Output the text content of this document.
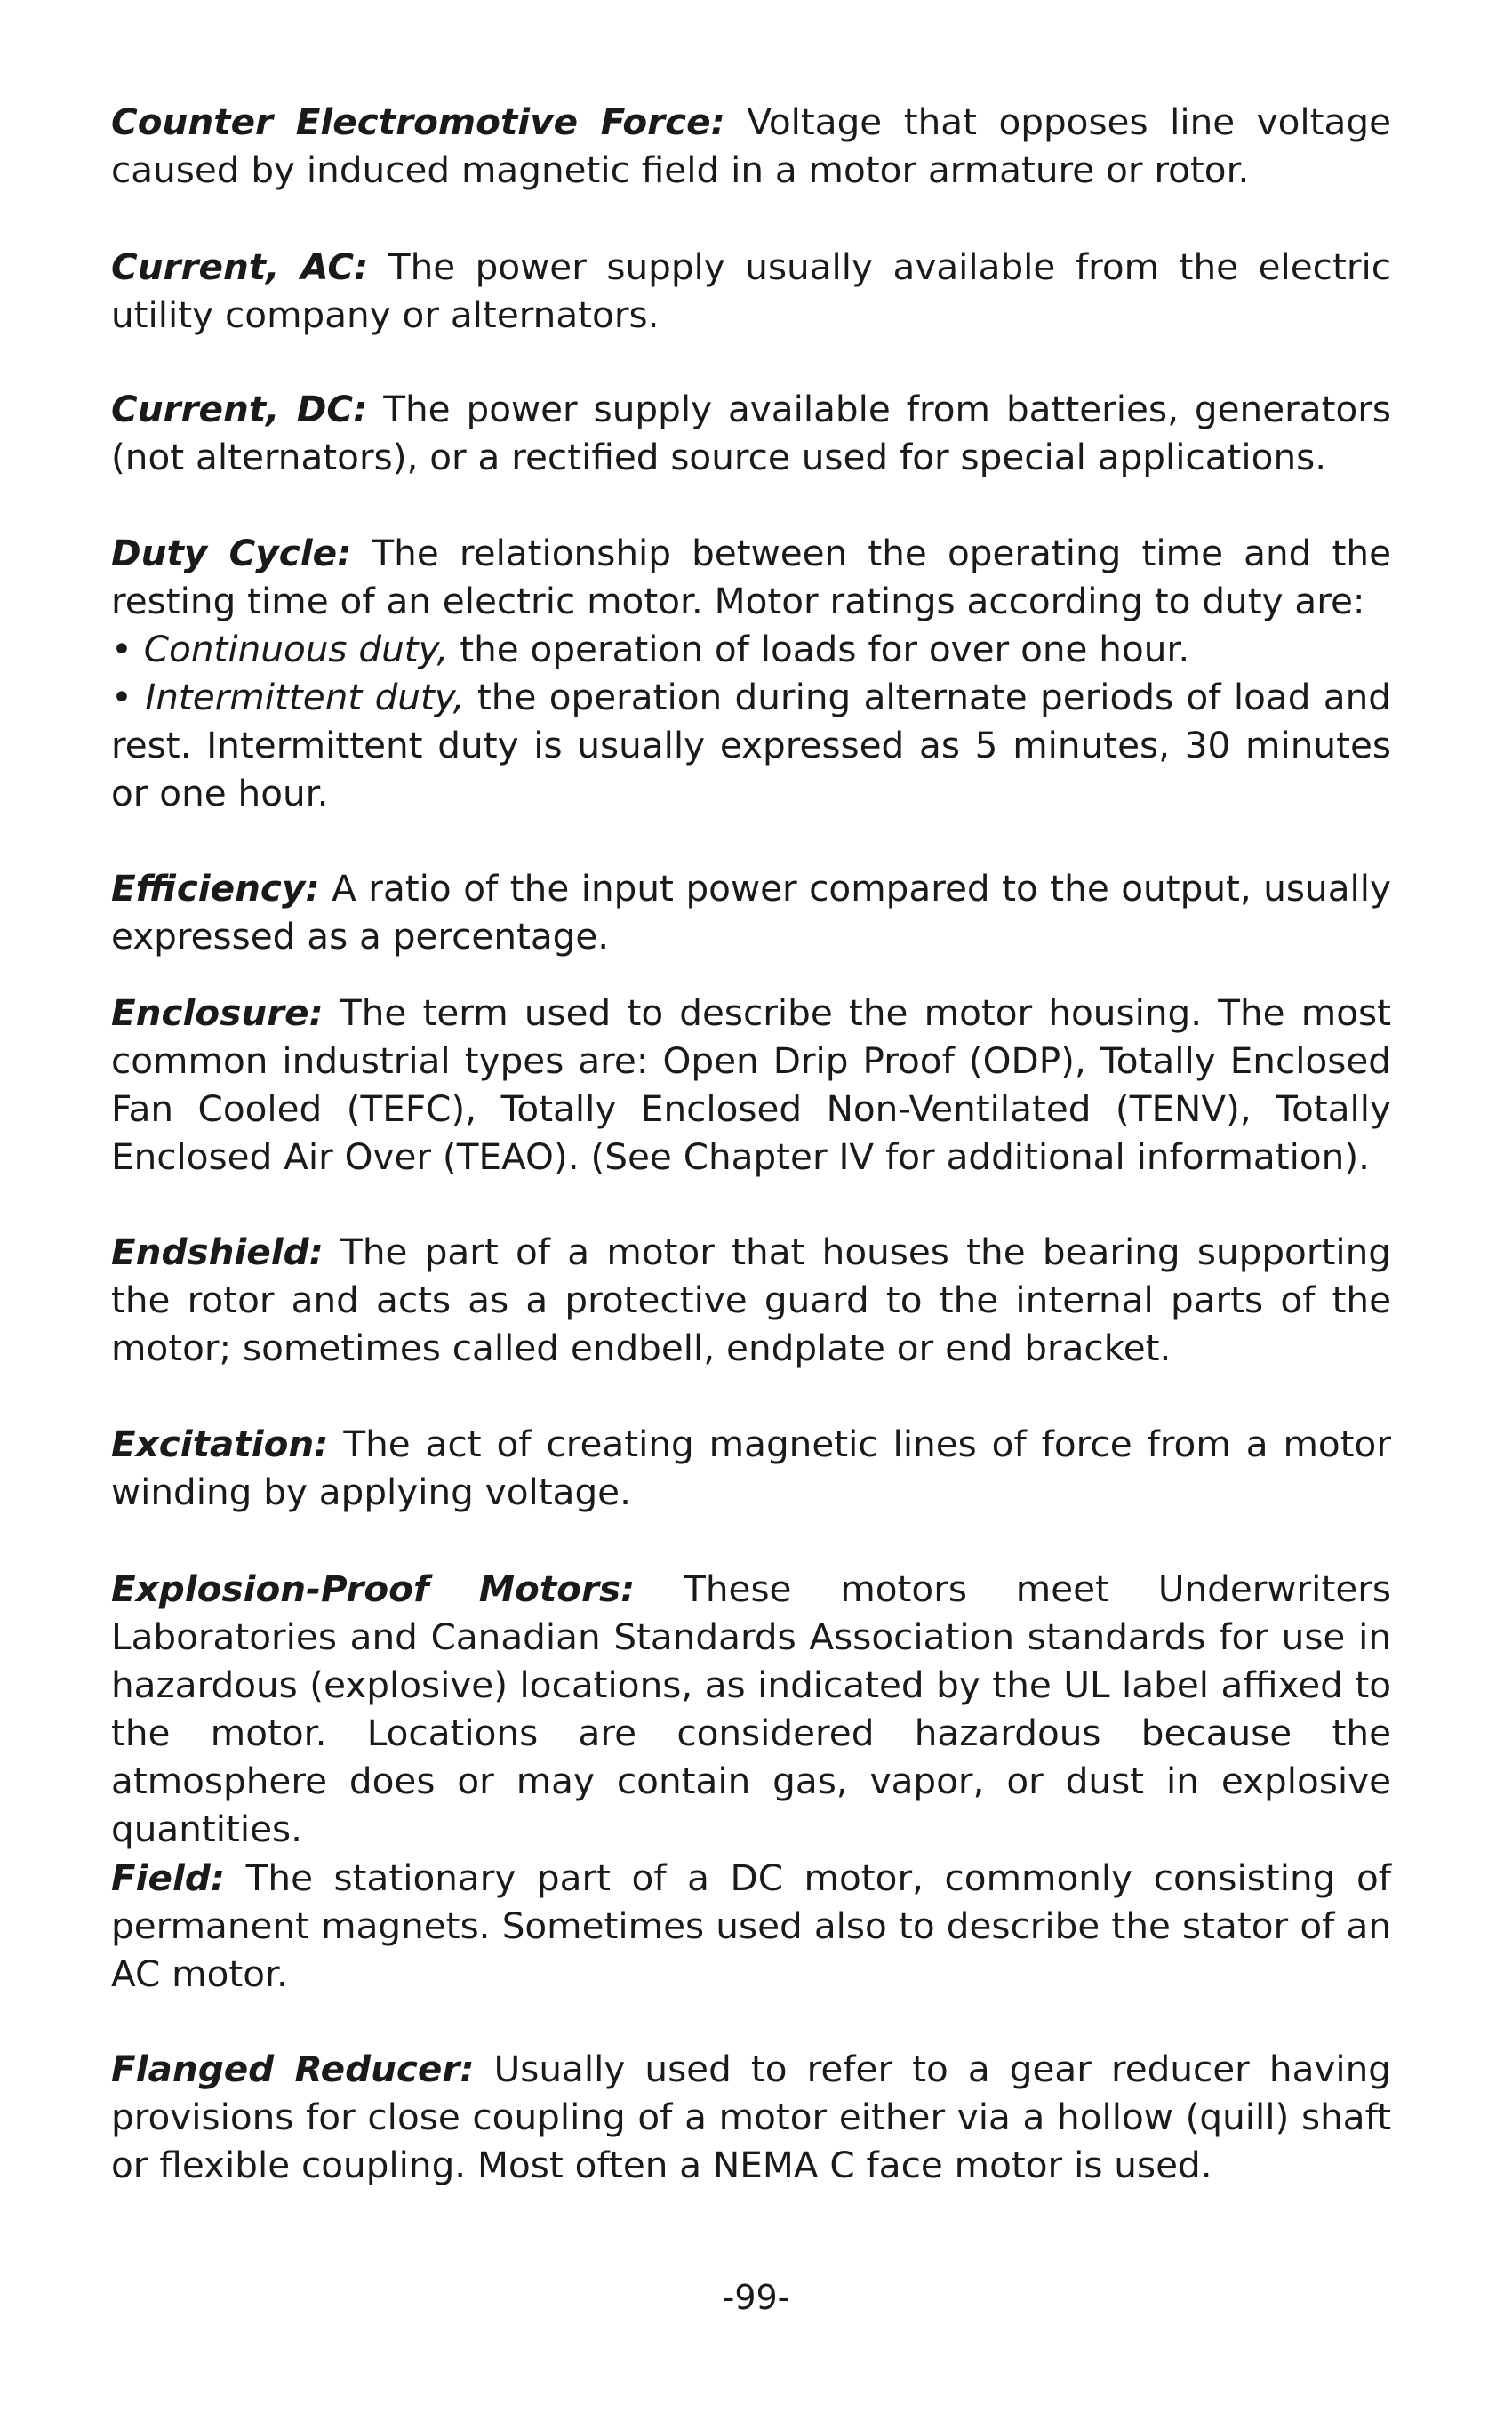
Counter Electromotive Force: Voltage that opposes line voltage caused by induced magnetic field in a motor armature or rotor.

Current, AC: The power supply usually available from the electric utility company or alternators.

Current, DC: The power supply available from batteries, generators (not alternators), or a rectified source used for special applications.

Duty Cycle: The relationship between the operating time and the resting time of an electric motor. Motor ratings according to duty are:
• Continuous duty, the operation of loads for over one hour.
• Intermittent duty, the operation during alternate periods of load and rest. Intermittent duty is usually expressed as 5 minutes, 30 minutes or one hour.

Efficiency: A ratio of the input power compared to the output, usually expressed as a percentage.

Enclosure: The term used to describe the motor housing. The most common industrial types are: Open Drip Proof (ODP), Totally Enclosed Fan Cooled (TEFC), Totally Enclosed Non-Ventilated (TENV), Totally Enclosed Air Over (TEAO). (See Chapter IV for additional information).

Endshield: The part of a motor that houses the bearing supporting the rotor and acts as a protective guard to the internal parts of the motor; sometimes called endbell, endplate or end bracket.

Excitation: The act of creating magnetic lines of force from a motor winding by applying voltage.

Explosion-Proof Motors: These motors meet Underwriters Laboratories and Canadian Standards Association standards for use in hazardous (explosive) locations, as indicated by the UL label affixed to the motor. Locations are considered hazardous because the atmosphere does or may contain gas, vapor, or dust in explosive quantities.

Field: The stationary part of a DC motor, commonly consisting of permanent magnets. Sometimes used also to describe the stator of an AC motor.

Flanged Reducer: Usually used to refer to a gear reducer having provisions for close coupling of a motor either via a hollow (quill) shaft or flexible coupling. Most often a NEMA C face motor is used.

-99-
